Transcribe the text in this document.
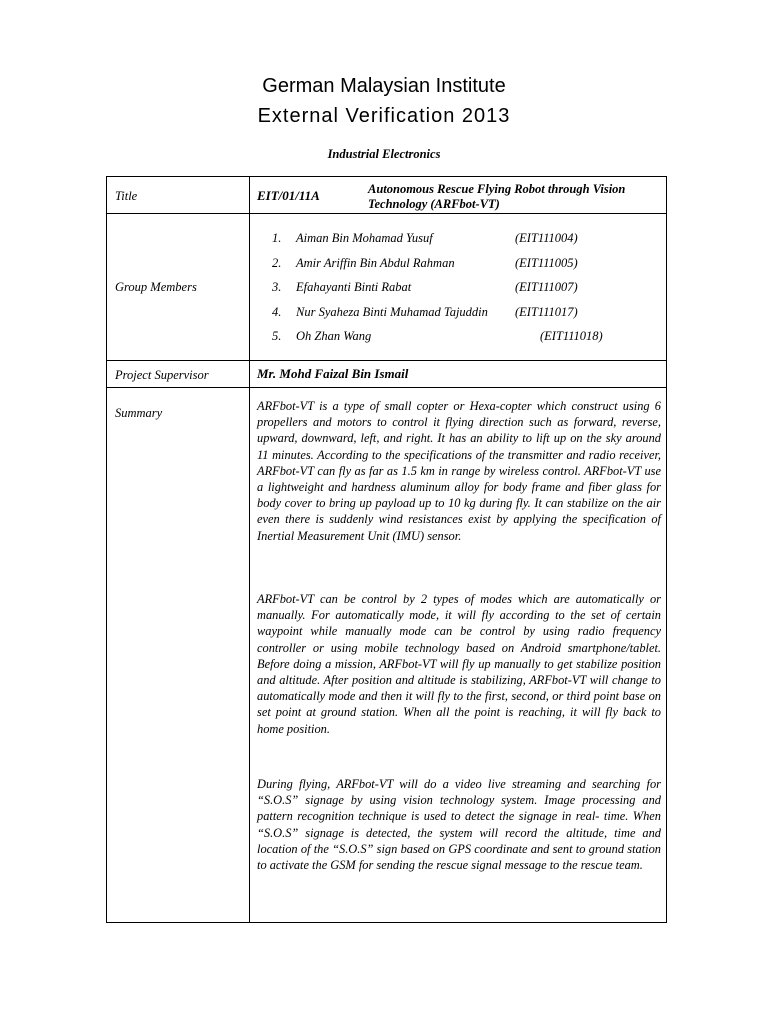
German Malaysian Institute
External Verification 2013
Industrial Electronics
Title	EIT/01/11A	Autonomous Rescue Flying Robot through Vision Technology (ARFbot-VT)
Group Members
1. Aiman Bin Mohamad Yusuf	(EIT111004)
2. Amir Ariffin Bin Abdul Rahman	(EIT111005)
3. Efahayanti Binti Rabat	(EIT111007)
4. Nur Syaheza Binti Muhamad Tajuddin (EIT111017)
5. Oh Zhan Wang	(EIT111018)
Project Supervisor	Mr. Mohd Faizal Bin Ismail
Summary	ARFbot-VT is a type of small copter or Hexa-copter which construct using 6 propellers and motors to control it flying direction such as forward, reverse, upward, downward, left, and right. It has an ability to lift up on the sky around 11 minutes. According to the specifications of the transmitter and radio receiver, ARFbot-VT can fly as far as 1.5 km in range by wireless control. ARFbot-VT use a lightweight and hardness aluminum alloy for body frame and fiber glass for body cover to bring up payload up to 10 kg during fly. It can stabilize on the air even there is suddenly wind resistances exist by applying the specification of Inertial Measurement Unit (IMU) sensor.

ARFbot-VT can be control by 2 types of modes which are automatically or manually. For automatically mode, it will fly according to the set of certain waypoint while manually mode can be control by using radio frequency controller or using mobile technology based on Android smartphone/tablet. Before doing a mission, ARFbot-VT will fly up manually to get stabilize position and altitude. After position and altitude is stabilizing, ARFbot-VT will change to automatically mode and then it will fly to the first, second, or third point base on set point at ground station. When all the point is reaching, it will fly back to home position.

During flying, ARFbot-VT will do a video live streaming and searching for “S.O.S” signage by using vision technology system. Image processing and pattern recognition technique is used to detect the signage in real- time. When “S.O.S” signage is detected, the system will record the altitude, time and location of the “S.O.S” sign based on GPS coordinate and sent to ground station to activate the GSM for sending the rescue signal message to the rescue team.
